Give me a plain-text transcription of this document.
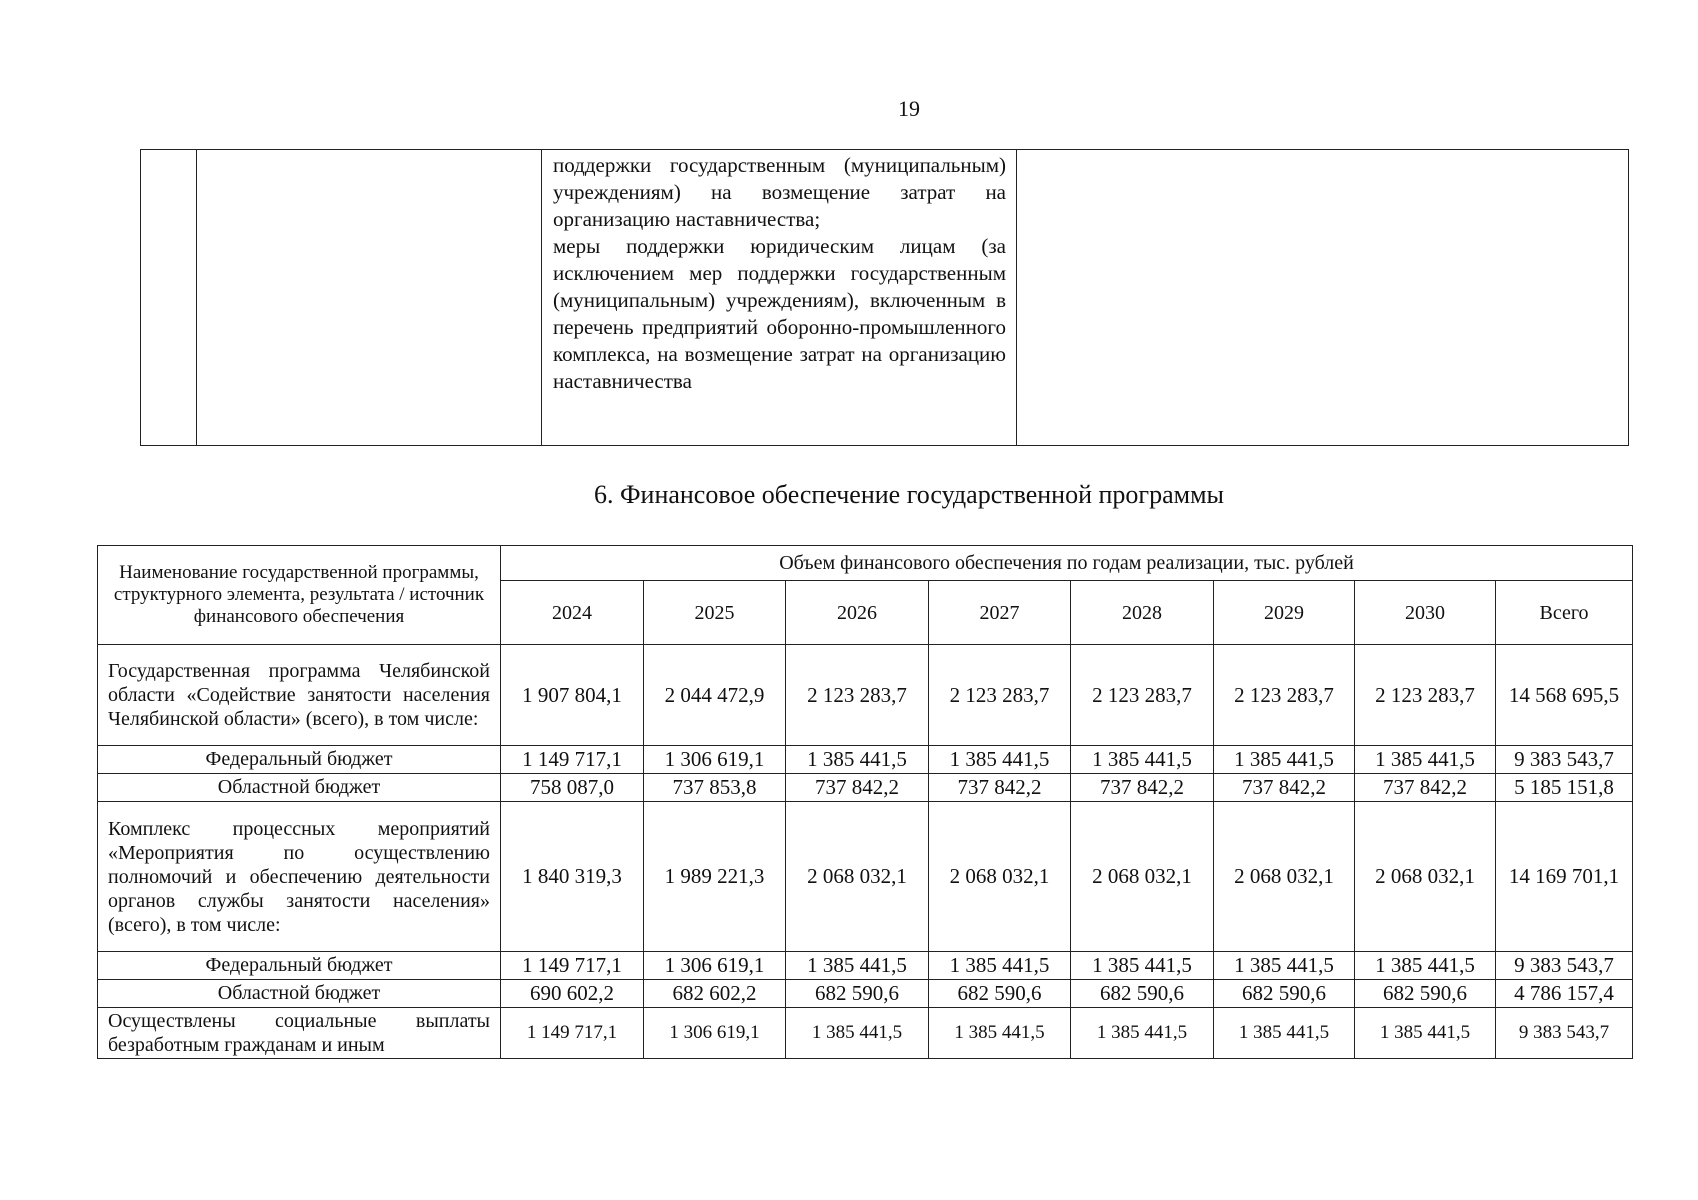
19

поддержки государственным (муниципальным) учреждениям) на возмещение затрат на организацию наставничества;

меры поддержки юридическим лицам (за исключением мер поддержки государственным (муниципальным) учреждениям), включенным в перечень предприятий оборонно-промышленного комплекса, на возмещение затрат на организацию наставничества

6. Финансовое обеспечение государственной программы
Наименование государственной программы, структурного элемента, результата / источник финансового обеспечения	Объем финансового обеспечения по годам реализации, тыс. рублей							
	2024	2025	2026	2027	2028	2029	2030	Всего
Государственная программа Челябинской области «Содействие занятости населения Челябинской области» (всего), в том числе:	1 907 804,1	2 044 472,9	2 123 283,7	2 123 283,7	2 123 283,7	2 123 283,7	2 123 283,7	14 568 695,5
Федеральный бюджет	1 149 717,1	1 306 619,1	1 385 441,5	1 385 441,5	1 385 441,5	1 385 441,5	1 385 441,5	9 383 543,7
Областной бюджет	758 087,0	737 853,8	737 842,2	737 842,2	737 842,2	737 842,2	737 842,2	5 185 151,8
Комплекс процессных мероприятий «Мероприятия по осуществлению полномочий и обеспечению деятельности органов службы занятости населения» (всего), в том числе:	1 840 319,3	1 989 221,3	2 068 032,1	2 068 032,1	2 068 032,1	2 068 032,1	2 068 032,1	14 169 701,1
Федеральный бюджет	1 149 717,1	1 306 619,1	1 385 441,5	1 385 441,5	1 385 441,5	1 385 441,5	1 385 441,5	9 383 543,7
Областной бюджет	690 602,2	682 602,2	682 590,6	682 590,6	682 590,6	682 590,6	682 590,6	4 786 157,4
Осуществлены социальные выплаты безработным гражданам и иным	1 149 717,1	1 306 619,1	1 385 441,5	1 385 441,5	1 385 441,5	1 385 441,5	1 385 441,5	9 383 543,7
